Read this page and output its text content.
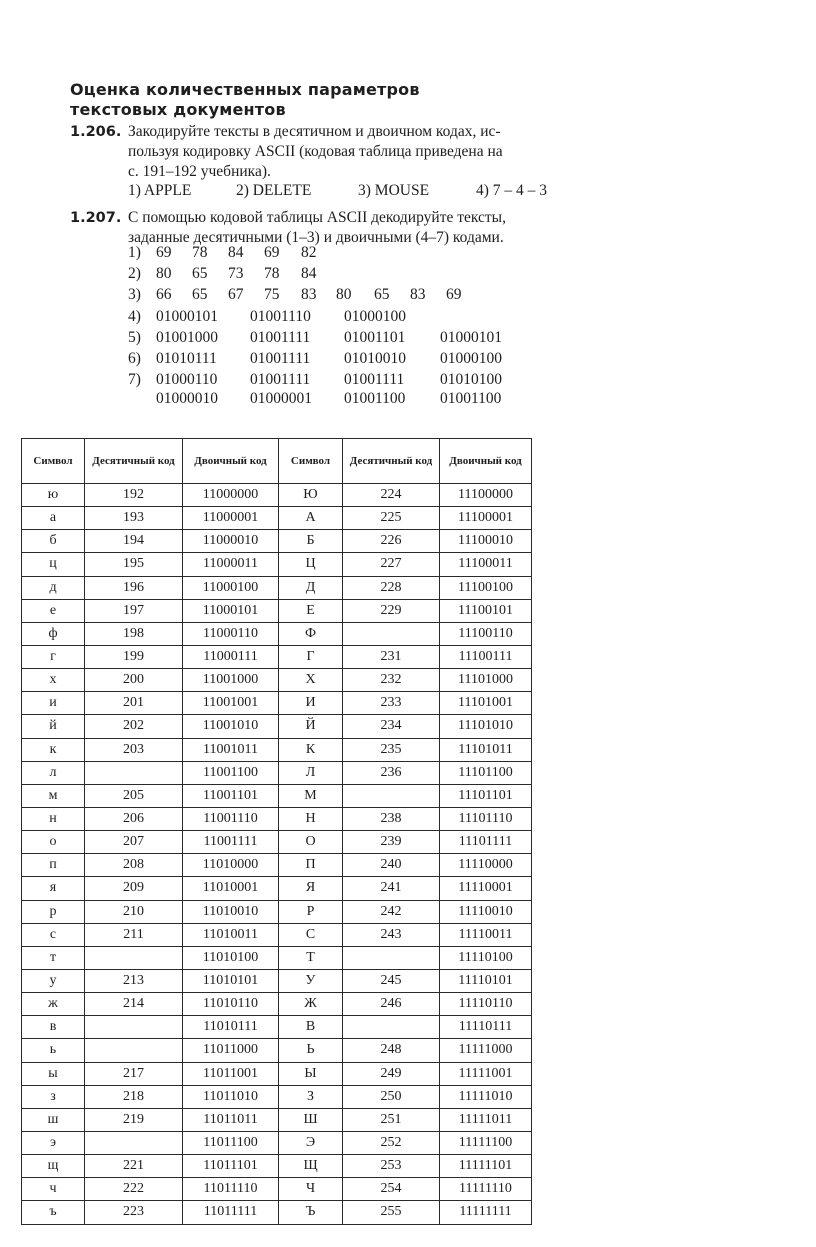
Оценка количественных параметров
текстовых документов
1.206. Закодируйте тексты в десятичном и двоичном кодах, ис-
пользуя кодировку ASCII (кодовая таблица приведена на
с. 191–192 учебника).
1) APPLE	2) DELETE	3) MOUSE	4) 7 – 4 – 3
1.207. С помощью кодовой таблицы ASCII декодируйте тексты,
заданные десятичными (1–3) и двоичными (4–7) кодами.
1) 69 78 84 69 82
2) 80 65 73 78 84
3) 66 65 67 75 83 80 65 83 69
4) 01000101 01001110 01000100
5) 01001000 01001111 01001101 01000101
6) 01010111 01001111 01010010 01000100
7) 01000110 01001111 01001111 01010100
01000010 01000001 01001100 01001100
Символ	Десятичный код	Двоичный код	Символ	Десятичный код	Двоичный код
ю	192	11000000	Ю	224	11100000
а	193	11000001	А	225	11100001
б	194	11000010	Б	226	11100010
ц	195	11000011	Ц	227	11100011
д	196	11000100	Д	228	11100100
е	197	11000101	Е	229	11100101
ф	198	11000110	Ф		11100110
г	199	11000111	Г	231	11100111
х	200	11001000	Х	232	11101000
и	201	11001001	И	233	11101001
й	202	11001010	Й	234	11101010
к	203	11001011	К	235	11101011
л		11001100	Л	236	11101100
м	205	11001101	М		11101101
н	206	11001110	Н	238	11101110
о	207	11001111	О	239	11101111
п	208	11010000	П	240	11110000
я	209	11010001	Я	241	11110001
р	210	11010010	Р	242	11110010
с	211	11010011	С	243	11110011
т		11010100	Т		11110100
у	213	11010101	У	245	11110101
ж	214	11010110	Ж	246	11110110
в		11010111	В		11110111
ь		11011000	Ь	248	11111000
ы	217	11011001	Ы	249	11111001
з	218	11011010	З	250	11111010
ш	219	11011011	Ш	251	11111011
э		11011100	Э	252	11111100
щ	221	11011101	Щ	253	11111101
ч	222	11011110	Ч	254	11111110
ъ	223	11011111	Ъ	255	11111111
